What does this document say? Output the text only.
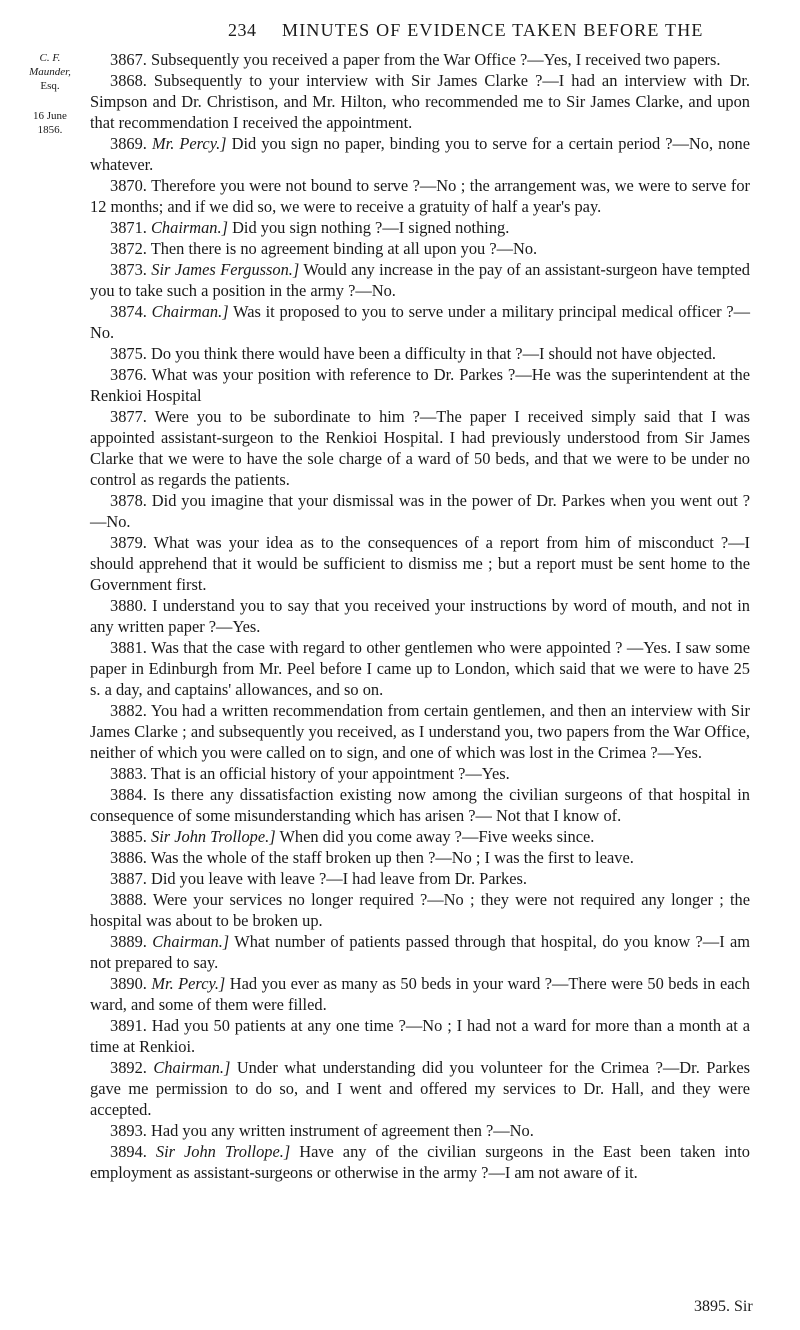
234 MINUTES OF EVIDENCE TAKEN BEFORE THE
C. F. Maunder,
Esq.
16 June 1856.

3867. Subsequently you received a paper from the War Office ?—Yes, I received two papers.

3868. Subsequently to your interview with Sir James Clarke ?—I had an interview with Dr. Simpson and Dr. Christison, and Mr. Hilton, who recommended me to Sir James Clarke, and upon that recommendation I received the appointment.

3869. Mr. Percy.] Did you sign no paper, binding you to serve for a certain period ?—No, none whatever.

3870. Therefore you were not bound to serve ?—No ; the arrangement was, we were to serve for 12 months; and if we did so, we were to receive a gratuity of half a year's pay.

3871. Chairman.] Did you sign nothing ?—I signed nothing.

3872. Then there is no agreement binding at all upon you ?—No.

3873. Sir James Fergusson.] Would any increase in the pay of an assistant-surgeon have tempted you to take such a position in the army ?—No.

3874. Chairman.] Was it proposed to you to serve under a military principal medical officer ?—No.

3875. Do you think there would have been a difficulty in that ?—I should not have objected.

3876. What was your position with reference to Dr. Parkes ?—He was the superintendent at the Renkioi Hospital

3877. Were you to be subordinate to him ?—The paper I received simply said that I was appointed assistant-surgeon to the Renkioi Hospital. I had previously understood from Sir James Clarke that we were to have the sole charge of a ward of 50 beds, and that we were to be under no control as regards the patients.

3878. Did you imagine that your dismissal was in the power of Dr. Parkes when you went out ?—No.

3879. What was your idea as to the consequences of a report from him of misconduct ?—I should apprehend that it would be sufficient to dismiss me ; but a report must be sent home to the Government first.

3880. I understand you to say that you received your instructions by word of mouth, and not in any written paper ?—Yes.

3881. Was that the case with regard to other gentlemen who were appointed ? —Yes. I saw some paper in Edinburgh from Mr. Peel before I came up to London, which said that we were to have 25 s. a day, and captains' allowances, and so on.

3882. You had a written recommendation from certain gentlemen, and then an interview with Sir James Clarke ; and subsequently you received, as I understand you, two papers from the War Office, neither of which you were called on to sign, and one of which was lost in the Crimea ?—Yes.

3883. That is an official history of your appointment ?—Yes.

3884. Is there any dissatisfaction existing now among the civilian surgeons of that hospital in consequence of some misunderstanding which has arisen ?— Not that I know of.

3885. Sir John Trollope.] When did you come away ?—Five weeks since.

3886. Was the whole of the staff broken up then ?—No ; I was the first to leave.

3887. Did you leave with leave ?—I had leave from Dr. Parkes.

3888. Were your services no longer required ?—No ; they were not required any longer ; the hospital was about to be broken up.

3889. Chairman.] What number of patients passed through that hospital, do you know ?—I am not prepared to say.

3890. Mr. Percy.] Had you ever as many as 50 beds in your ward ?—There were 50 beds in each ward, and some of them were filled.

3891. Had you 50 patients at any one time ?—No ; I had not a ward for more than a month at a time at Renkioi.

3892. Chairman.] Under what understanding did you volunteer for the Crimea ?—Dr. Parkes gave me permission to do so, and I went and offered my services to Dr. Hall, and they were accepted.

3893. Had you any written instrument of agreement then ?—No.

3894. Sir John Trollope.] Have any of the civilian surgeons in the East been taken into employment as assistant-surgeons or otherwise in the army ?—I am not aware of it.

3895. Sir
